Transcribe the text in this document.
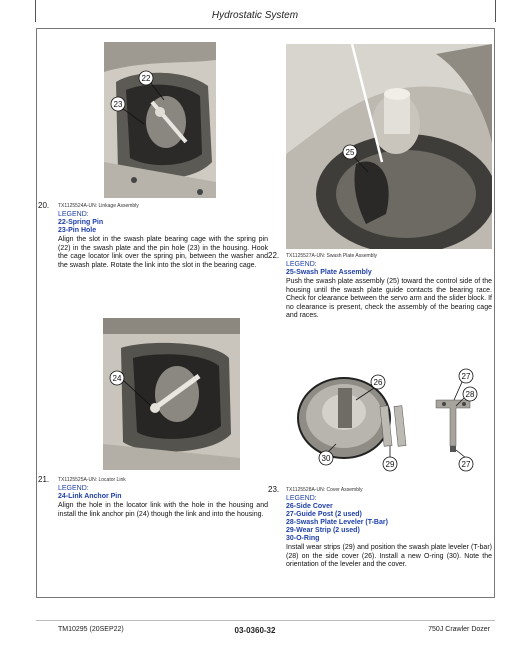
Hydrostatic System
22
23
25
20. TX1125524A-UN: Linkage Assembly
LEGEND:
22-Spring Pin
23-Pin Hole
Align the slot in the swash plate bearing cage with the spring pin (22) in the swash plate and the pin hole (23) in the housing. Hook the cage locator link over the spring pin, between the washer and the swash plate. Rotate the link into the slot in the bearing cage.
22. TX1125527A-UN: Swash Plate Assembly
LEGEND:
25-Swash Plate Assembly
Push the swash plate assembly (25) toward the control side of the housing until the swash plate guide contacts the bearing race. Check for clearance between the servo arm and the slider block. If no clearance is present, check the assembly of the bearing cage and races.
24	26
27
28
29
30
27
21. TX1125525A-UN: Locator Link
LEGEND:
24-Link Anchor Pin
Align the hole in the locator link with the hole in the housing and install the link anchor pin (24) though the link and into the housing.
23. TX1125528A-UN: Cover Assembly
LEGEND:
26-Side Cover
27-Guide Post (2 used)
28-Swash Plate Leveler (T-Bar)
29-Wear Strip (2 used)
30-O-Ring
Install wear strips (29) and position the swash plate leveler (T-bar) (28) on the side cover (26). Install a new O-ring (30). Note the orientation of the leveler and the cover.
TM10295 (20SEP22)	03-0360-32	750J Crawler Dozer
